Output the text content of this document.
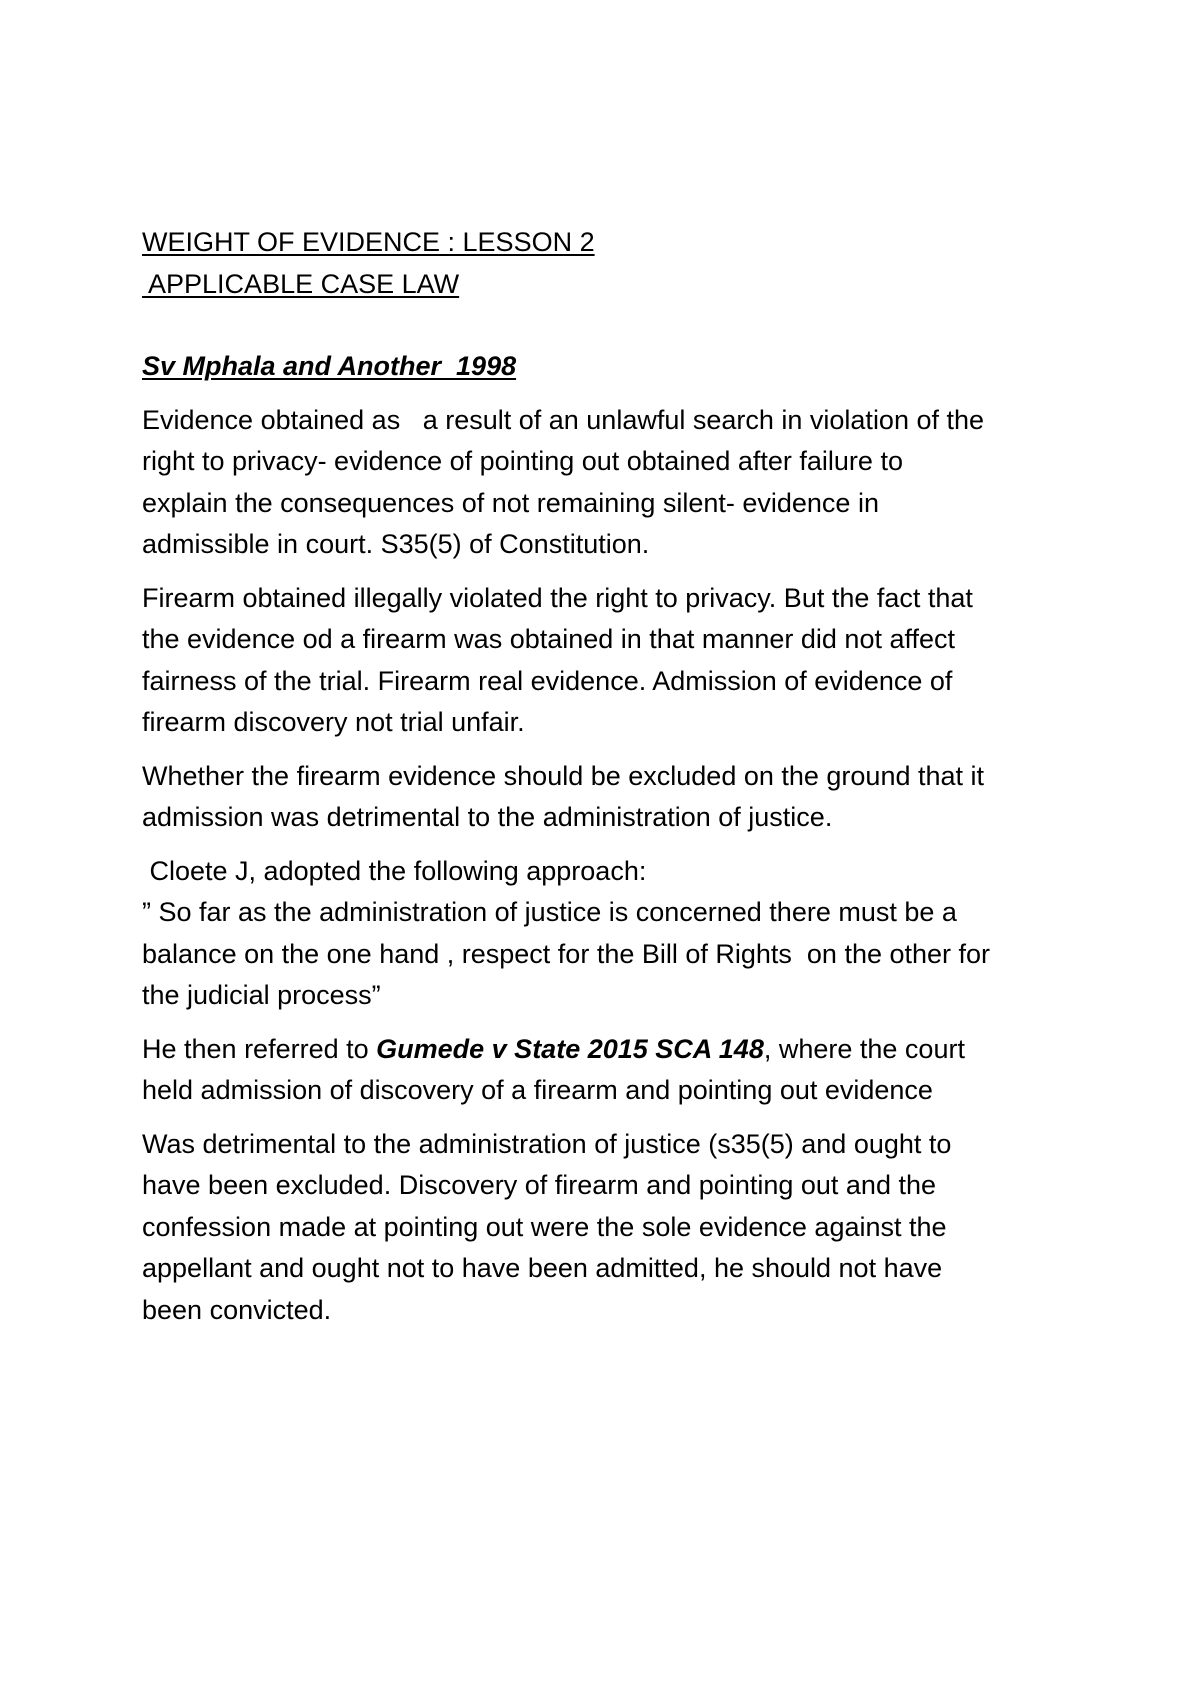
WEIGHT OF EVIDENCE : LESSON 2
APPLICABLE CASE LAW
Sv Mphala and Another  1998
Evidence obtained as   a result of an unlawful search in violation of the
right to privacy- evidence of pointing out obtained after failure to
explain the consequences of not remaining silent- evidence in
admissible in court. S35(5) of Constitution.
Firearm obtained illegally violated the right to privacy. But the fact that
the evidence od a firearm was obtained in that manner did not affect
fairness of the trial. Firearm real evidence. Admission of evidence of
firearm discovery not trial unfair.
Whether the firearm evidence should be excluded on the ground that it
admission was detrimental to the administration of justice.
Cloete J, adopted the following approach:
” So far as the administration of justice is concerned there must be a
balance on the one hand , respect for the Bill of Rights  on the other for
the judicial process”
He then referred to Gumede v State 2015 SCA 148, where the court
held admission of discovery of a firearm and pointing out evidence
Was detrimental to the administration of justice (s35(5) and ought to
have been excluded. Discovery of firearm and pointing out and the
confession made at pointing out were the sole evidence against the
appellant and ought not to have been admitted, he should not have
been convicted.
